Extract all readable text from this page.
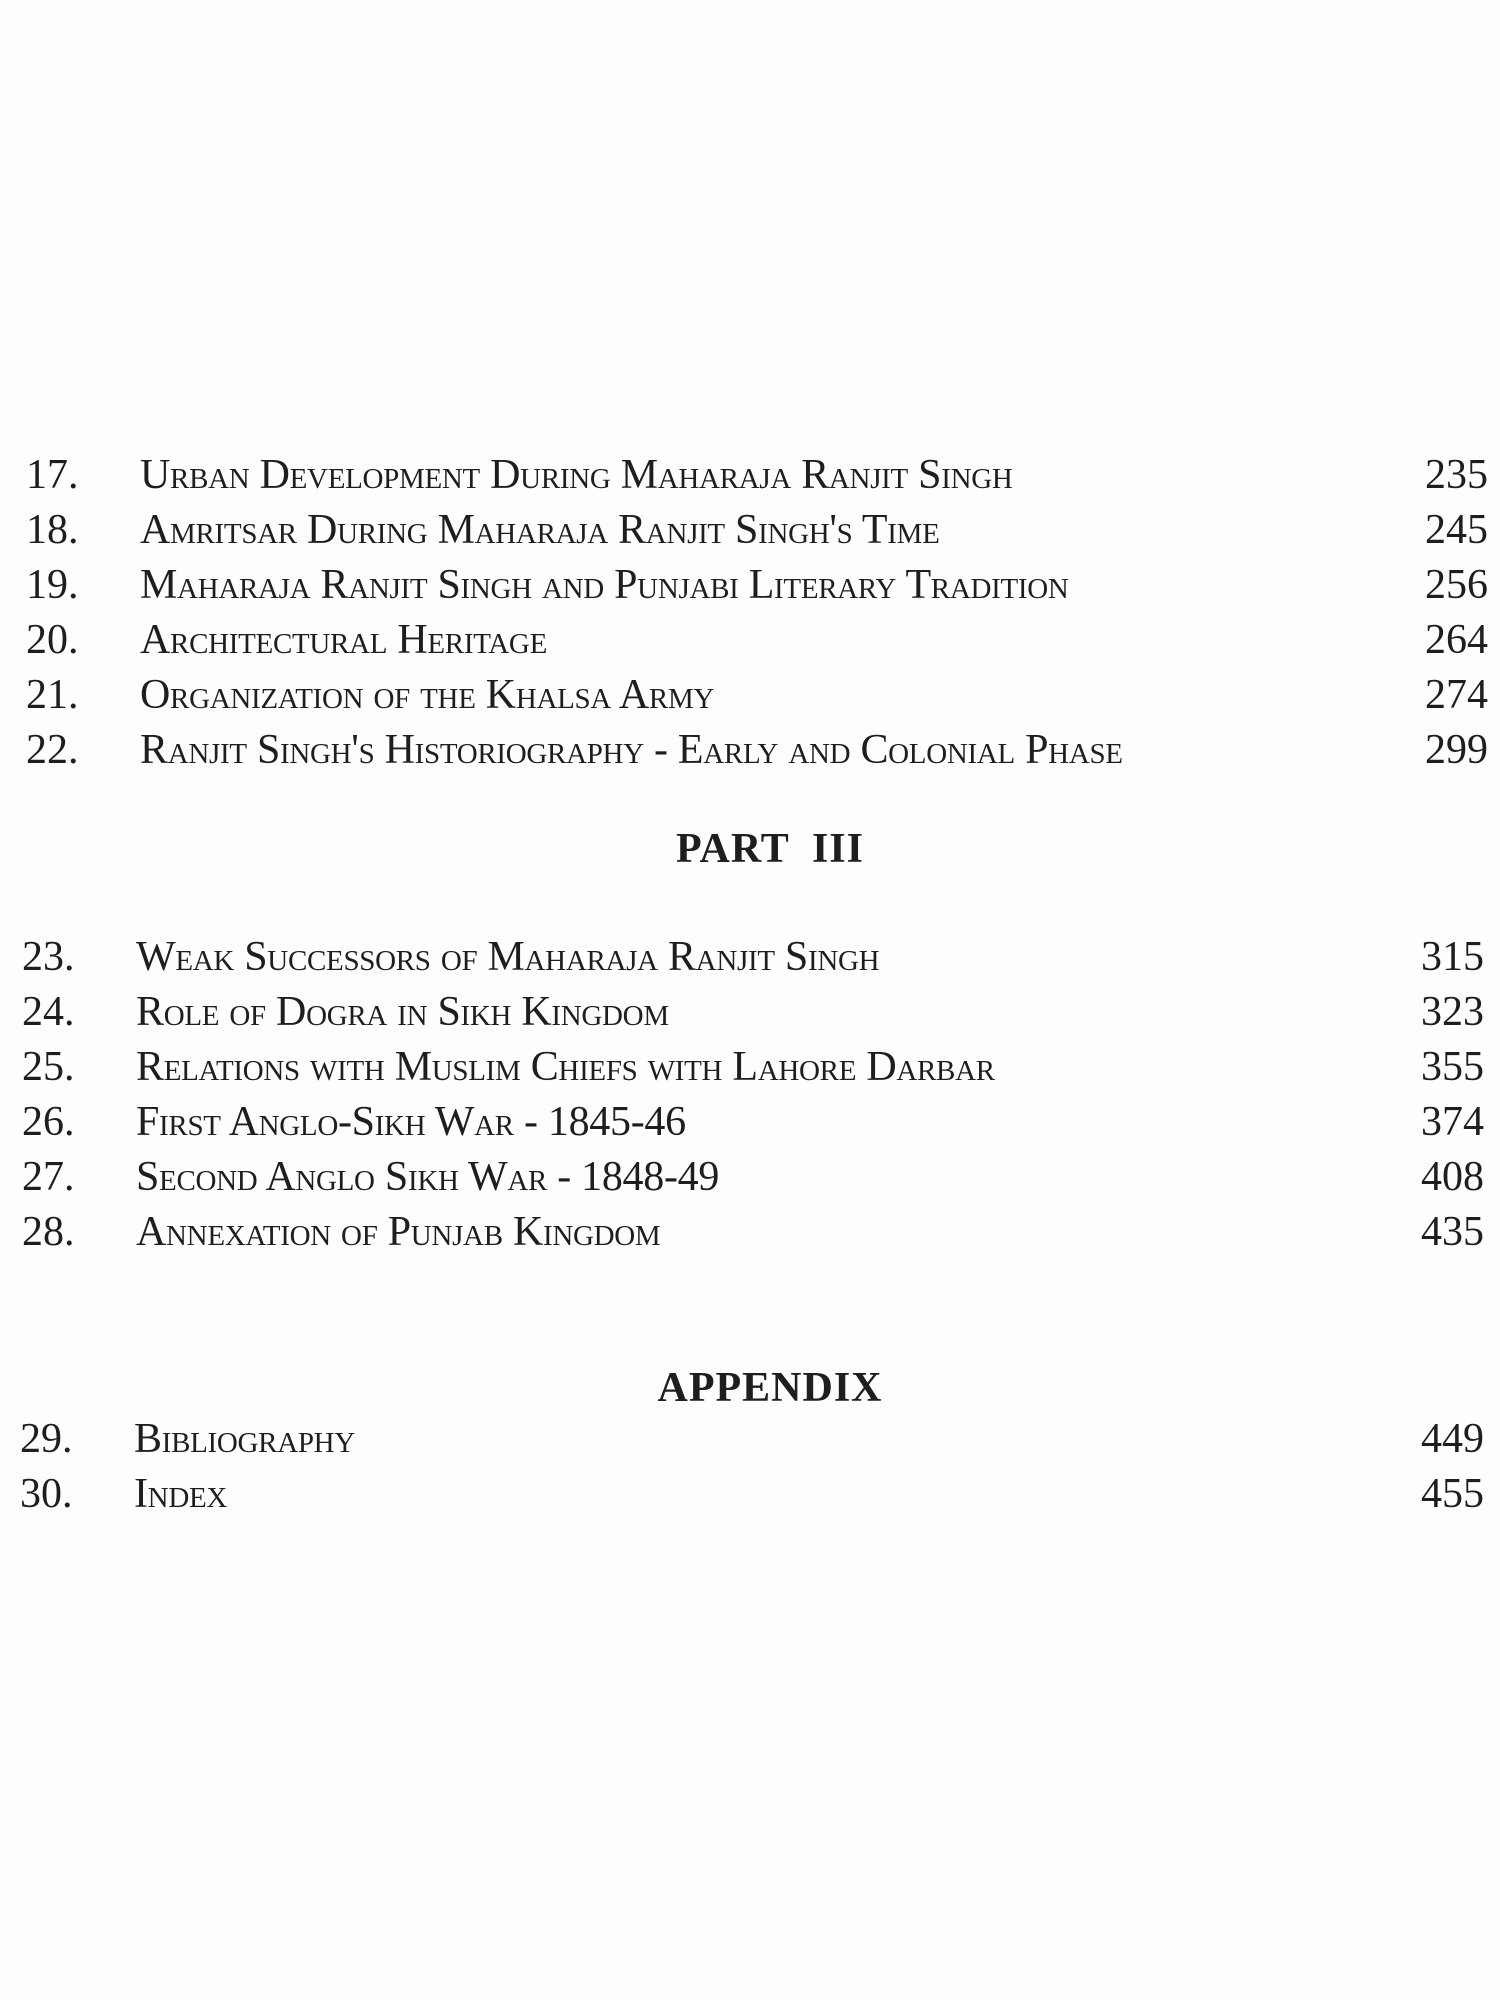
17. Urban Development During Maharaja Ranjit Singh	235
18. Amritsar During Maharaja Ranjit Singh's Time	245
19. Maharaja Ranjit Singh and Punjabi Literary Tradition	256
20. Architectural Heritage	264
21. Organization of the Khalsa Army	274
22. Ranjit Singh's Historiography - Early and Colonial Phase	299
PART  III
23. Weak Successors of Maharaja Ranjit Singh	315
24. Role of Dogra in Sikh Kingdom	323
25. Relations with Muslim Chiefs with Lahore Darbar	355
26. First Anglo-Sikh War - 1845-46	374
27. Second Anglo Sikh War - 1848-49	408
28. Annexation of Punjab Kingdom	435
APPENDIX
29. Bibliography	449
30. Index	455
